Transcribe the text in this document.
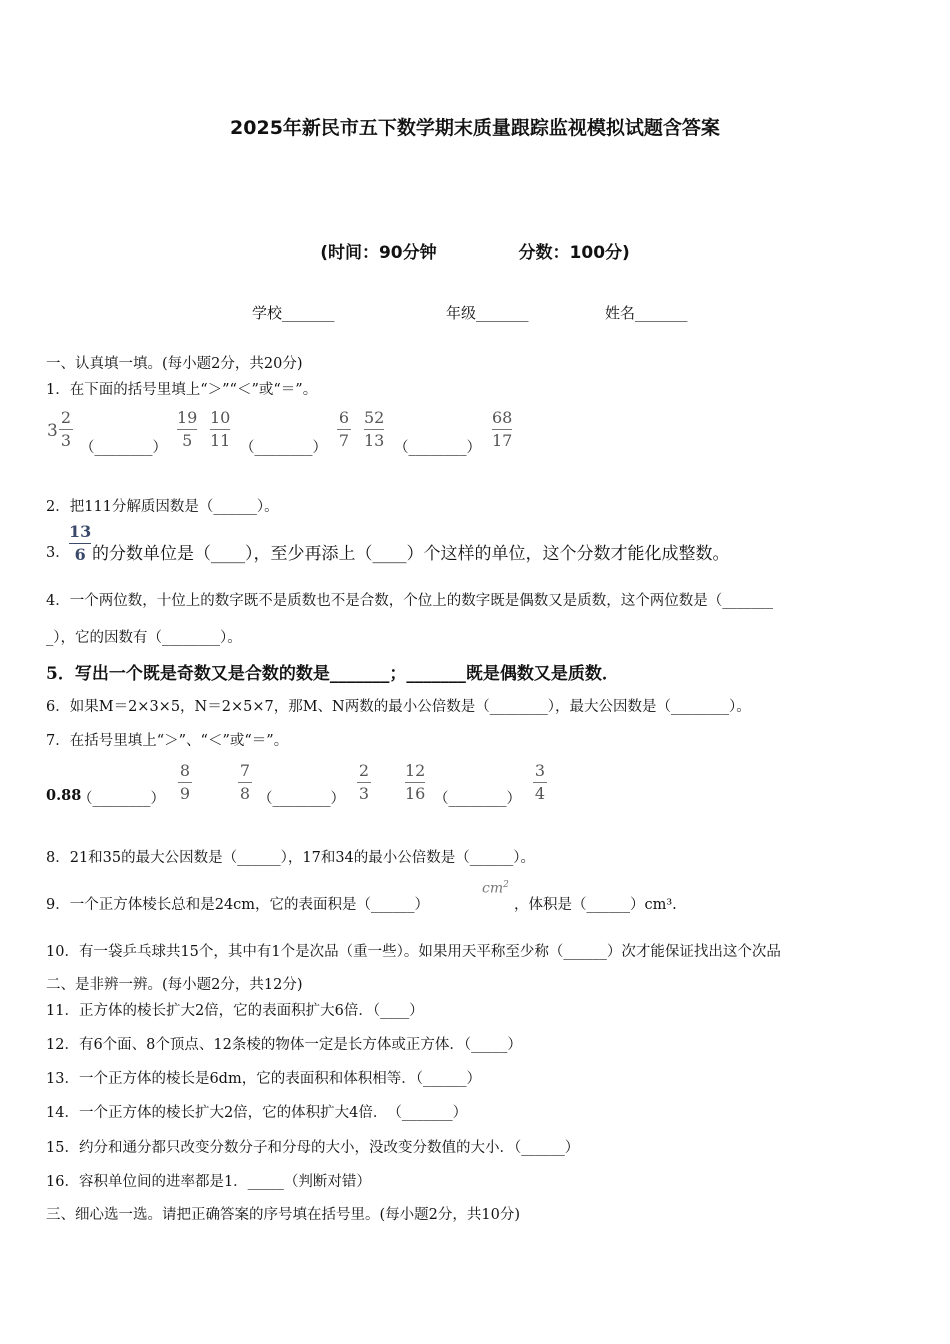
2025年新民市五下数学期末质量跟踪监视模拟试题含答案
(时间：90分钟	分数：100分)
学校_______	年级_______	姓名_______
一、认真填一填。(每小题2分，共20分)
1．在下面的括号里填上“＞”“＜”或“＝”。
3
2
3 （________）
19
5
10
11 （________）
6
7
52
13 （________）
68
17
2．把111分解质因数是（______）。
3．
13
6 的分数单位是（____），至少再添上（____）个这样的单位，这个分数才能化成整数。
4．一个两位数，十位上的数字既不是质数也不是合数，个位上的数字既是偶数又是质数，这个两位数是（_______
_），它的因数有（________）。
5．写出一个既是奇数又是合数的数是_______；_______既是偶数又是质数．
6．如果M＝2×3×5，N＝2×5×7，那M、N两数的最小公倍数是（________），最大公因数是（________）。
7．在括号里填上“＞”、“＜”或“＝”。
0.88
（________）
8
9
7
8 （________）
2
3
12
16 （________）
3
4
8．21和35的最大公因数是（______），17和34的最小公倍数是（______）。
9．一个正方体棱长总和是24cm，它的表面积是（______）
$cm^2$
，体积是（______）cm³.
10．有一袋乒乓球共15个，其中有1个是次品（重一些）。如果用天平称至少称（______）次才能保证找出这个次品
二、是非辨一辨。(每小题2分，共12分)
11．正方体的棱长扩大2倍，它的表面积扩大6倍．（____）
12．有6个面、8个顶点、12条棱的物体一定是长方体或正方体．（_____）
13．一个正方体的棱长是6dm，它的表面积和体积相等．（______）
14．一个正方体的棱长扩大2倍，它的体积扩大4倍．　（_______）
15．约分和通分都只改变分数分子和分母的大小，没改变分数值的大小．（______）
16．容积单位间的进率都是1．_____（判断对错）
三、细心选一选。请把正确答案的序号填在括号里。(每小题2分，共10分)
